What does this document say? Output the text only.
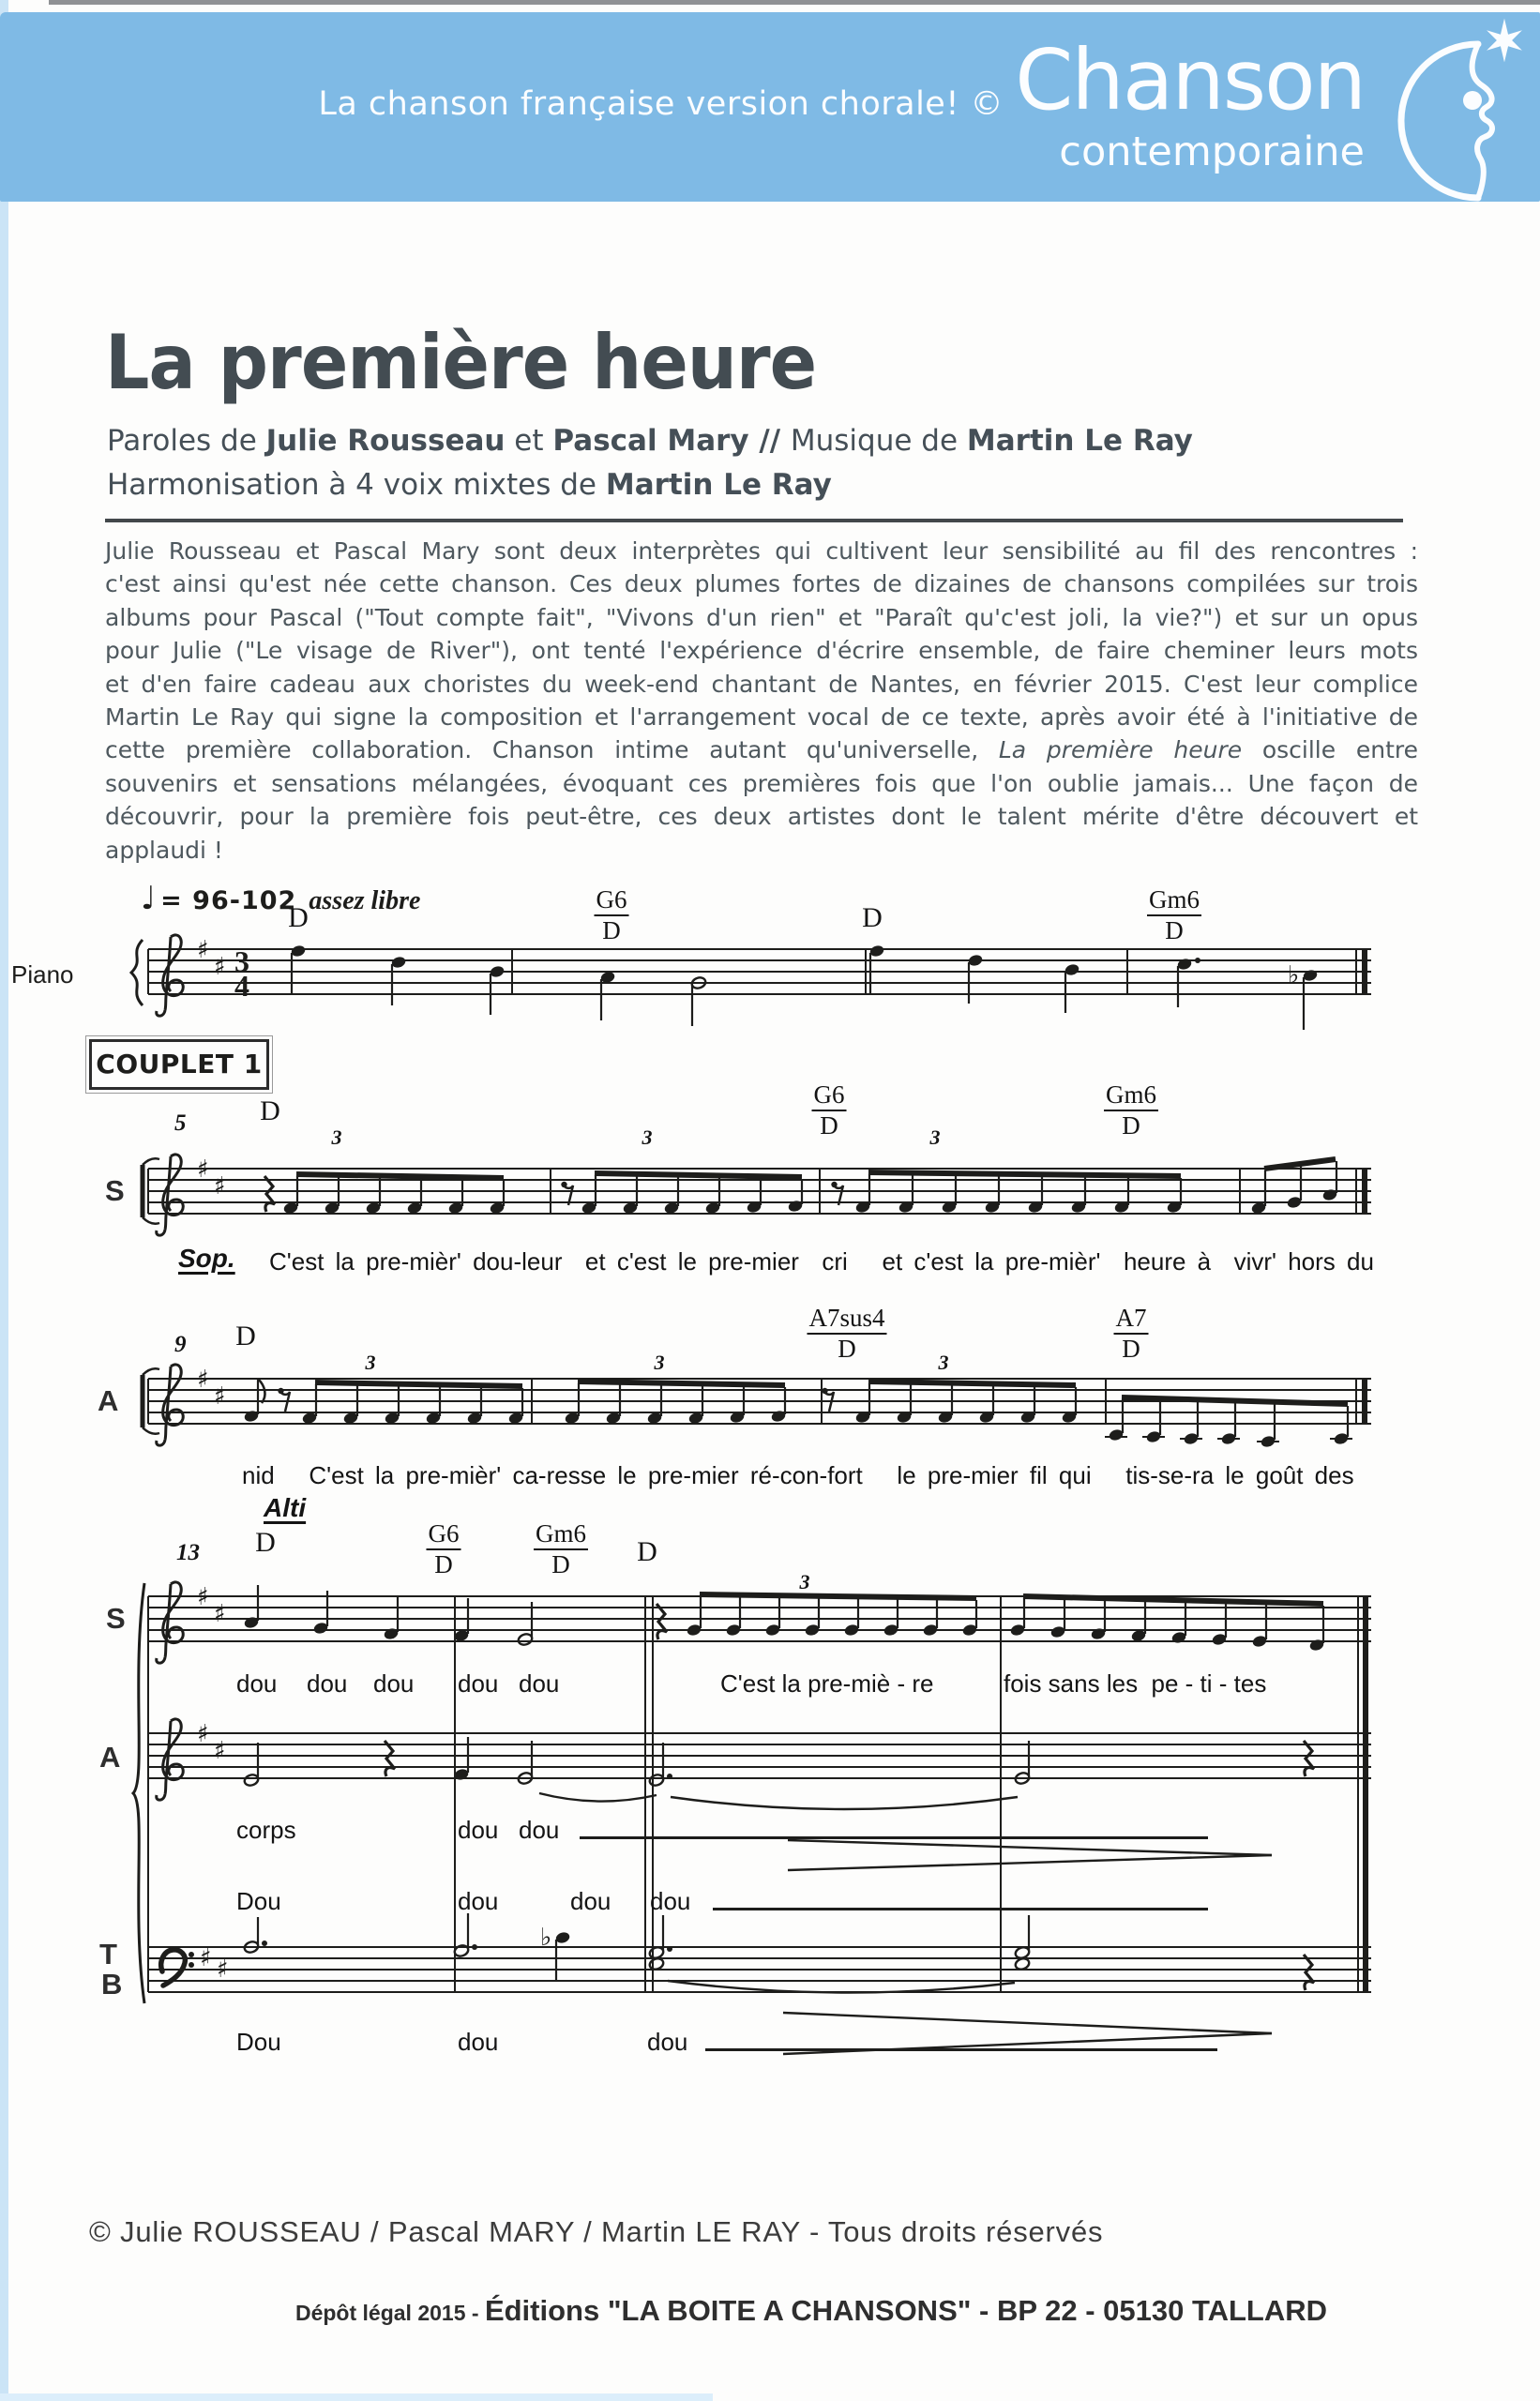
La chanson française version chorale! © Chanson
contemporaine
La première heure
Paroles de Julie Rousseau et Pascal Mary // Musique de Martin Le Ray
Harmonisation à 4 voix mixtes de Martin Le Ray
Julie Rousseau et Pascal Mary sont deux interprètes qui cultivent leur sensibilité au fil des rencontres :
c'est ainsi qu'est née cette chanson. Ces deux plumes fortes de dizaines de chansons compilées sur trois
albums pour Pascal ("Tout compte fait", "Vivons d'un rien" et "Paraît qu'c'est joli, la vie?") et sur un opus
pour Julie ("Le visage de River"), ont tenté l'expérience d'écrire ensemble, de faire cheminer leurs mots
et d'en faire cadeau aux choristes du week-end chantant de Nantes, en février 2015. C'est leur complice
Martin Le Ray qui signe la composition et l'arrangement vocal de ce texte, après avoir été à l'initiative de
cette première collaboration. Chanson intime autant qu'universelle, La première heure oscille entre
souvenirs et sensations mélangées, évoquant ces premières fois que l'on oublie jamais... Une façon de
découvrir, pour la première fois peut-être, ces deux artistes dont le talent mérite d'être découvert et
applaudi !
♩ = 96-102 assez libre
COUPLET 1
♯
♯ 3
4
♯
♯
♯
♯
♯
♯
♯
♯
♯ ♯
♭
♭
D
G6
D	D
Gm6
D
Piano
D
G6
D
Gm6
D
3	3	3
5
S
Sop. C'est la pre-mièr' dou-leur  et c'est le pre-mier  cri   et c'est la pre-mièr'  heure à  vivr' hors du
D
A7sus4
D
A7
D
3	3	3
9
A
Alti
nid   C'est la pre-mièr' ca-resse le pre-mier ré-con-fort   le pre-mier fil qui   tis-se-ra le goût des
D	G6
D
Gm6
D	D
3
13
S
A
T
B
dou dou dou dou dou	C'est la pre-miè - re	fois sans les  pe - ti - tes
corps	dou dou
Dou	dou	dou dou
Dou	dou	dou
© Julie ROUSSEAU / Pascal MARY / Martin LE RAY - Tous droits réservés
Dépôt légal 2015 - Éditions "LA BOITE A CHANSONS" - BP 22 - 05130 TALLARD
